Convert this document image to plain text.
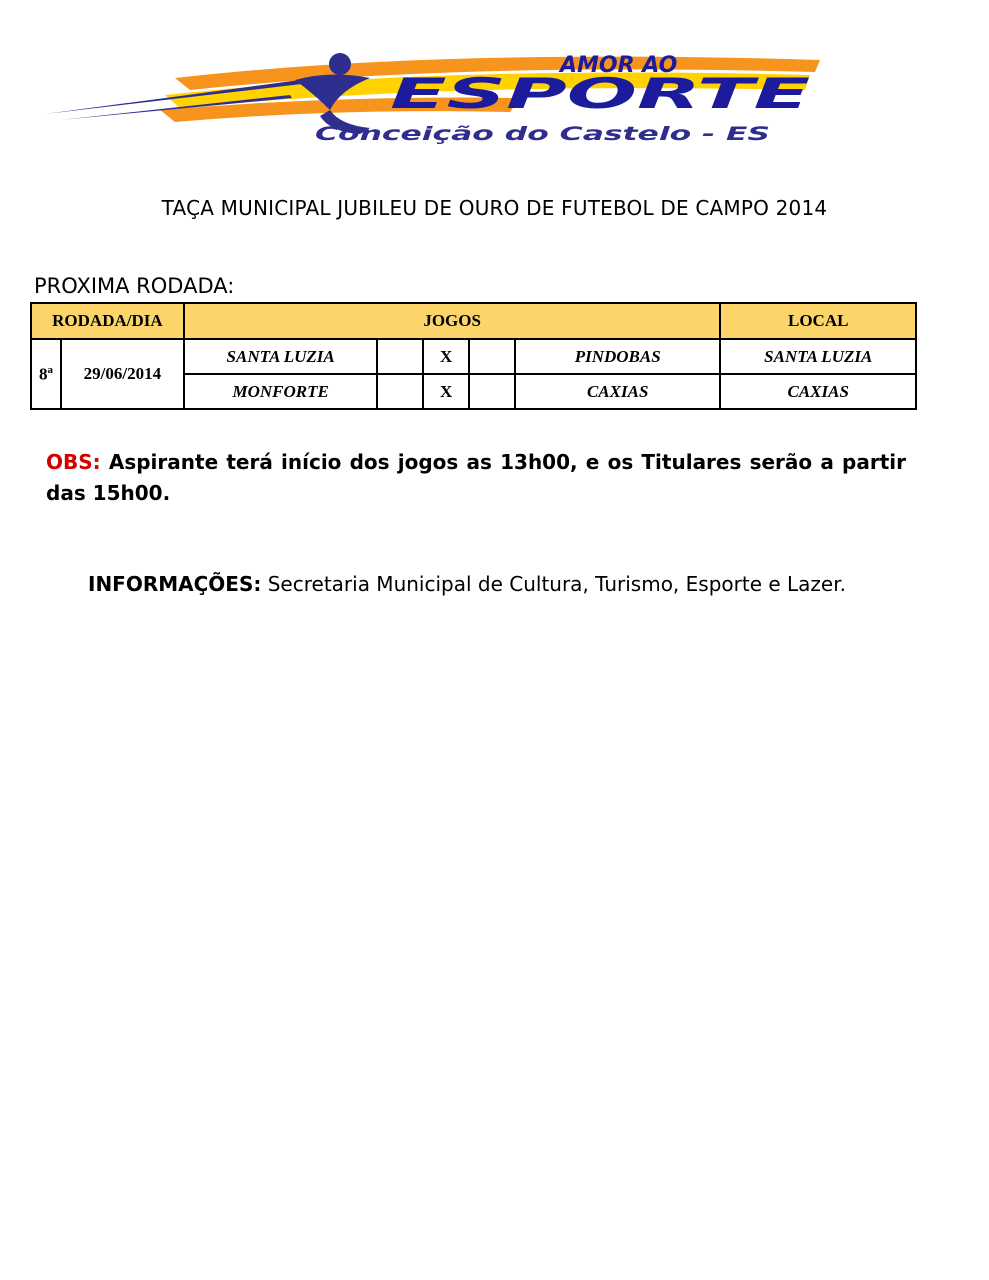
AMOR AO
ESPORTE
Conceição do Castelo - ES
TAÇA MUNICIPAL JUBILEU DE OURO DE FUTEBOL DE CAMPO 2014
PROXIMA RODADA:
RODADA/DIA		JOGOS					LOCAL
8$^a$	29/06/2014	SANTA LUZIA		X		PINDOBAS	SANTA LUZIA
		MONFORTE		X		CAXIAS	CAXIAS
OBS: Aspirante terá início dos jogos as 13h00, e os Titulares serão a partir das 15h00.
INFORMAÇÕES: Secretaria Municipal de Cultura, Turismo, Esporte e Lazer.
